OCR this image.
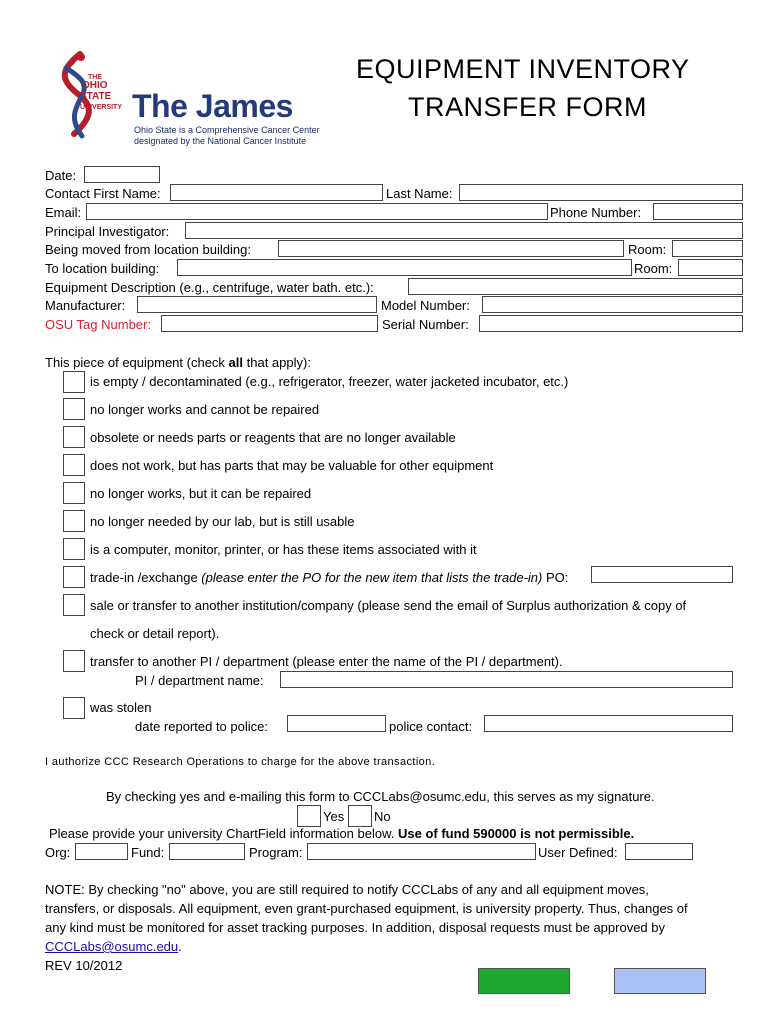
THE
OHIO
STATE
UNIVERSITY The James
Ohio State is a Comprehensive Cancer Center
designated by the National Cancer Institute
EQUIPMENT INVENTORY
TRANSFER FORM
Date:
Contact First Name:	Last Name:
Email:	Phone Number:
Principal Investigator:
Being moved from location building:	Room:
To location building:	Room:
Equipment Description (e.g., centrifuge, water bath. etc.):
Manufacturer:	Model Number:
OSU Tag Number:	Serial Number:
This piece of equipment (check all that apply):
is empty / decontaminated (e.g., refrigerator, freezer, water jacketed incubator, etc.)
no longer works and cannot be repaired
obsolete or needs parts or reagents that are no longer available
does not work, but has parts that may be valuable for other equipment
no longer works, but it can be repaired
no longer needed by our lab, but is still usable
is a computer, monitor, printer, or has these items associated with it
trade-in /exchange (please enter the PO for the new item that lists the trade-in) PO:
sale or transfer to another institution/company (please send the email of Surplus authorization & copy of
check or detail report).
transfer to another PI / department (please enter the name of the PI / department).
PI / department name:
was stolen
date reported to police:	police contact:
I authorize CCC Research Operations to charge for the above transaction.
By checking yes and e-mailing this form to CCCLabs@osumc.edu, this serves as my signature.
Yes No
Please provide your university ChartField information below. Use of fund 590000 is not permissible.
Org:	Fund:	Program:	User Defined:
NOTE: By checking "no" above, you are still required to notify CCCLabs of any and all equipment moves,
transfers, or disposals. All equipment, even grant-purchased equipment, is university property. Thus, changes of
any kind must be monitored for asset tracking purposes. In addition, disposal requests must be approved by
CCCLabs@osumc.edu.
REV 10/2012
